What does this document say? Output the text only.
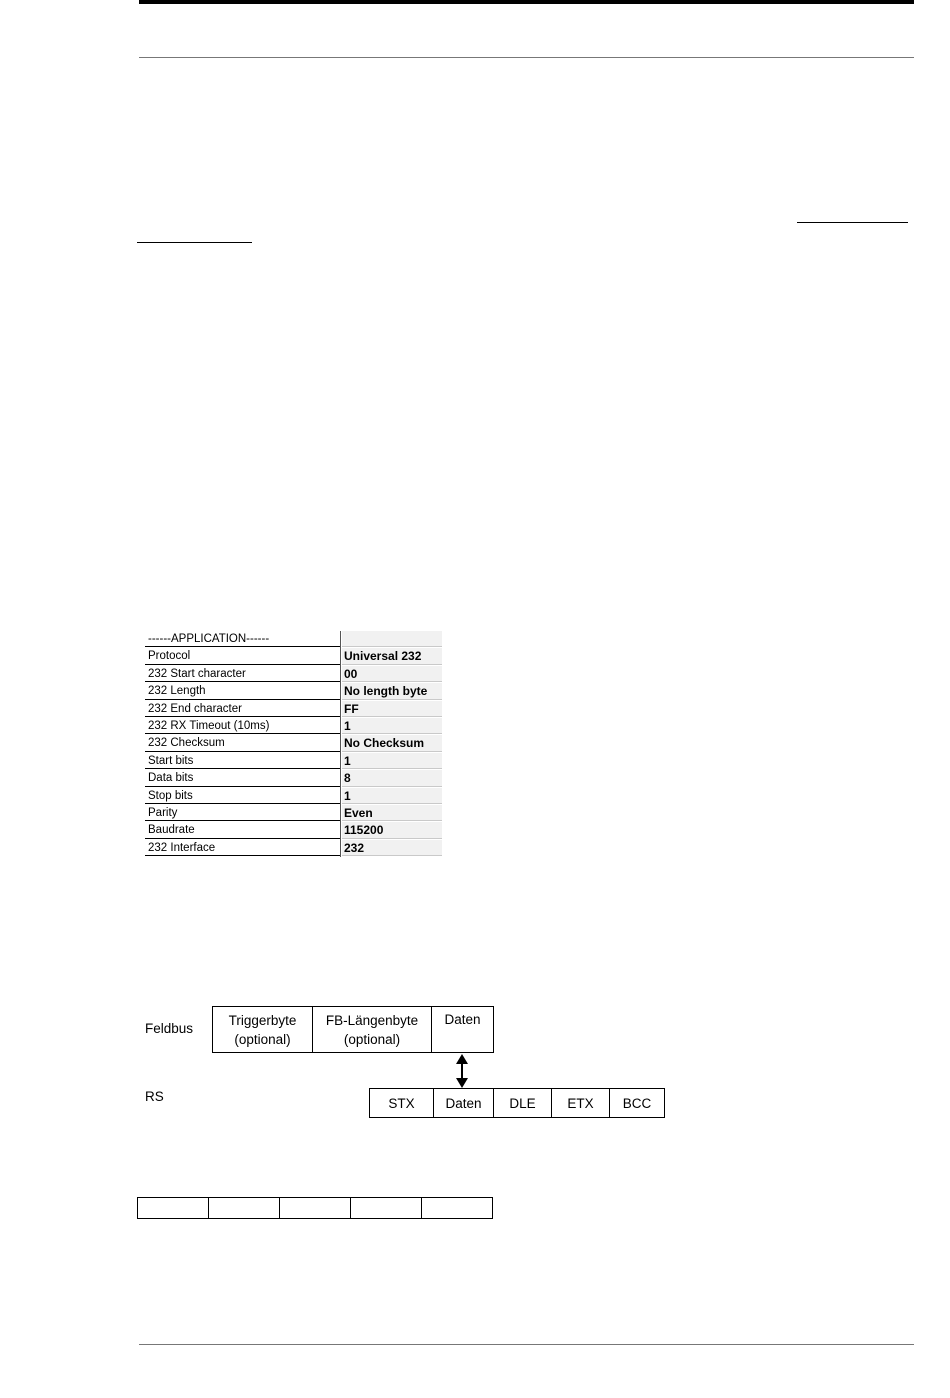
------APPLICATION------
Protocol	Universal 232
232 Start character	00
232 Length	No length byte
232 End character	FF
232 RX Timeout (10ms)	1
232 Checksum	No Checksum
Start bits	1
Data bits	8
Stop bits	1
Parity	Even
Baudrate	115200
232 Interface	232
Feldbus
RS
Triggerbyte
(optional)
FB-Längenbyte
(optional)
Daten
STX	Daten	DLE	ETX	BCC
